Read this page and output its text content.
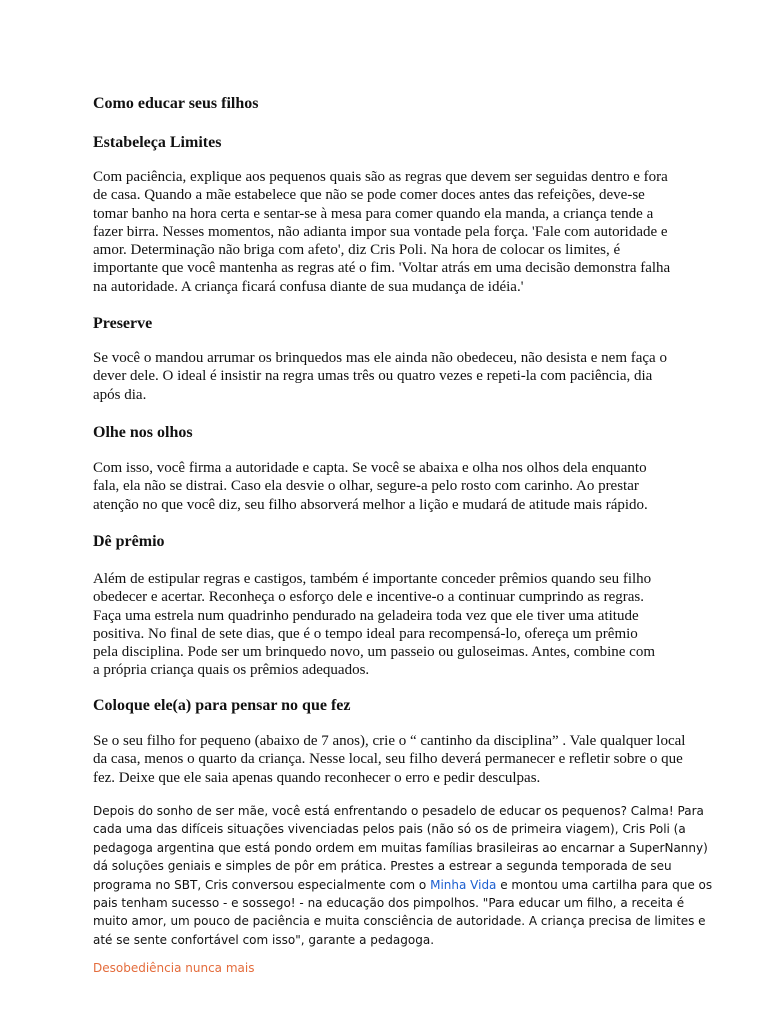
Como educar seus filhos
Estabeleça Limites

Com paciência, explique aos pequenos quais são as regras que devem ser seguidas dentro e fora de casa. Quando a mãe estabelece que não se pode comer doces antes das refeições, deve-se tomar banho na hora certa e sentar-se à mesa para comer quando ela manda, a criança tende a fazer birra. Nesses momentos, não adianta impor sua vontade pela força. 'Fale com autoridade e amor. Determinação não briga com afeto', diz Cris Poli. Na hora de colocar os limites, é importante que você mantenha as regras até o fim. 'Voltar atrás em uma decisão demonstra falha na autoridade. A criança ficará confusa diante de sua mudança de idéia.'

Preserve

Se você o mandou arrumar os brinquedos mas ele ainda não obedeceu, não desista e nem faça o dever dele. O ideal é insistir na regra umas três ou quatro vezes e repeti-la com paciência, dia após dia.

Olhe nos olhos

Com isso, você firma a autoridade e capta. Se você se abaixa e olha nos olhos dela enquanto fala, ela não se distrai. Caso ela desvie o olhar, segure-a pelo rosto com carinho. Ao prestar atenção no que você diz, seu filho absorverá melhor a lição e mudará de atitude mais rápido.

Dê prêmio

Além de estipular regras e castigos, também é importante conceder prêmios quando seu filho obedecer e acertar. Reconheça o esforço dele e incentive-o a continuar cumprindo as regras. Faça uma estrela num quadrinho pendurado na geladeira toda vez que ele tiver uma atitude positiva. No final de sete dias, que é o tempo ideal para recompensá-lo, ofereça um prêmio pela disciplina. Pode ser um brinquedo novo, um passeio ou guloseimas. Antes, combine com a própria criança quais os prêmios adequados.

Coloque ele(a) para pensar no que fez

Se o seu filho for pequeno (abaixo de 7 anos), crie o “ cantinho da disciplina” . Vale qualquer local da casa, menos o quarto da criança. Nesse local, seu filho deverá permanecer e refletir sobre o que fez. Deixe que ele saia apenas quando reconhecer o erro e pedir desculpas.

Depois do sonho de ser mãe, você está enfrentando o pesadelo de educar os pequenos? Calma! Para cada uma das difíceis situações vivenciadas pelos pais (não só os de primeira viagem), Cris Poli (a pedagoga argentina que está pondo ordem em muitas famílias brasileiras ao encarnar a SuperNanny) dá soluções geniais e simples de pôr em prática. Prestes a estrear a segunda temporada de seu programa no SBT, Cris conversou especialmente com o Minha Vida e montou uma cartilha para que os pais tenham sucesso - e sossego! - na educação dos pimpolhos. "Para educar um filho, a receita é muito amor, um pouco de paciência e muita consciência de autoridade. A criança precisa de limites e até se sente confortável com isso", garante a pedagoga.

Desobediência nunca mais
